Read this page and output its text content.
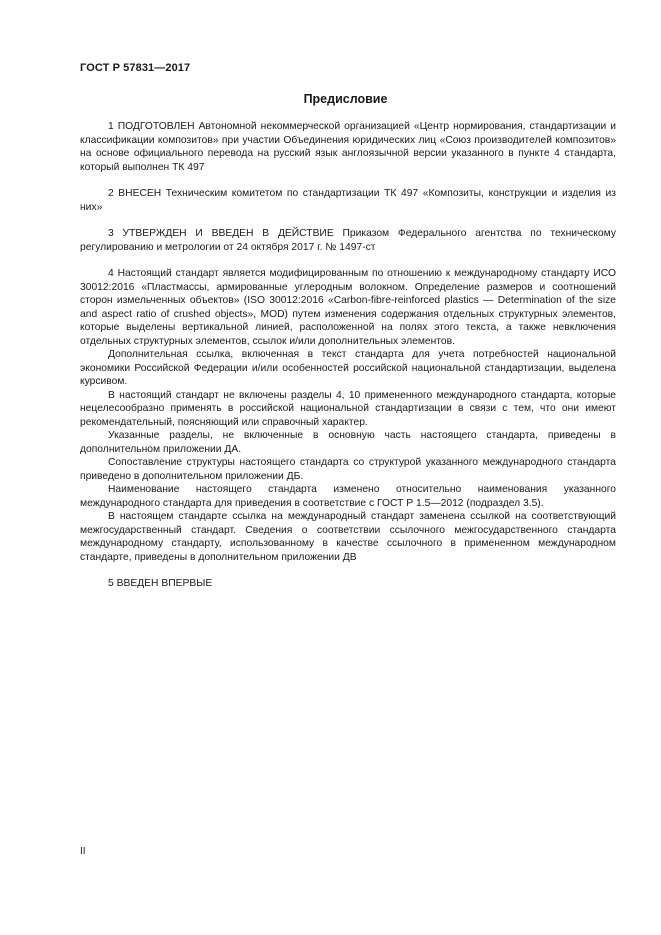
ГОСТ Р 57831—2017
Предисловие

1 ПОДГОТОВЛЕН Автономной некоммерческой организацией «Центр нормирования, стандартизации и классификации композитов» при участии Объединения юридических лиц «Союз производителей композитов» на основе официального перевода на русский язык англоязычной версии указанного в пункте 4 стандарта, который выполнен ТК 497

2 ВНЕСЕН Техническим комитетом по стандартизации ТК 497 «Композиты, конструкции и изделия из них»

3 УТВЕРЖДЕН И ВВЕДЕН В ДЕЙСТВИЕ Приказом Федерального агентства по техническому регулированию и метрологии от 24 октября 2017 г. № 1497-ст

4 Настоящий стандарт является модифицированным по отношению к международному стандарту ИСО 30012:2016 «Пластмассы, армированные углеродным волокном. Определение размеров и соотношений сторон измельченных объектов» (ISO 30012:2016 «Carbon-fibre-reinforced plastics — Determination of the size and aspect ratio of crushed objects», MOD) путем изменения содержания отдельных структурных элементов, которые выделены вертикальной линией, расположенной на полях этого текста, а также невключения отдельных структурных элементов, ссылок и/или дополнительных элементов.

Дополнительная ссылка, включенная в текст стандарта для учета потребностей национальной экономики Российской Федерации и/или особенностей российской национальной стандартизации, выделена курсивом.

В настоящий стандарт не включены разделы 4, 10 примененного международного стандарта, которые нецелесообразно применять в российской национальной стандартизации в связи с тем, что они имеют рекомендательный, поясняющий или справочный характер.

Указанные разделы, не включенные в основную часть настоящего стандарта, приведены в дополнительном приложении ДА.

Сопоставление структуры настоящего стандарта со структурой указанного международного стандарта приведено в дополнительном приложении ДБ.

Наименование настоящего стандарта изменено относительно наименования указанного международного стандарта для приведения в соответствие с ГОСТ Р 1.5—2012 (подраздел 3.5).

В настоящем стандарте ссылка на международный стандарт заменена ссылкой на соответствующий межгосударственный стандарт. Сведения о соответствии ссылочного межгосударственного стандарта международному стандарту, использованному в качестве ссылочного в примененном международном стандарте, приведены в дополнительном приложении ДВ

5 ВВЕДЕН ВПЕРВЫЕ

II
